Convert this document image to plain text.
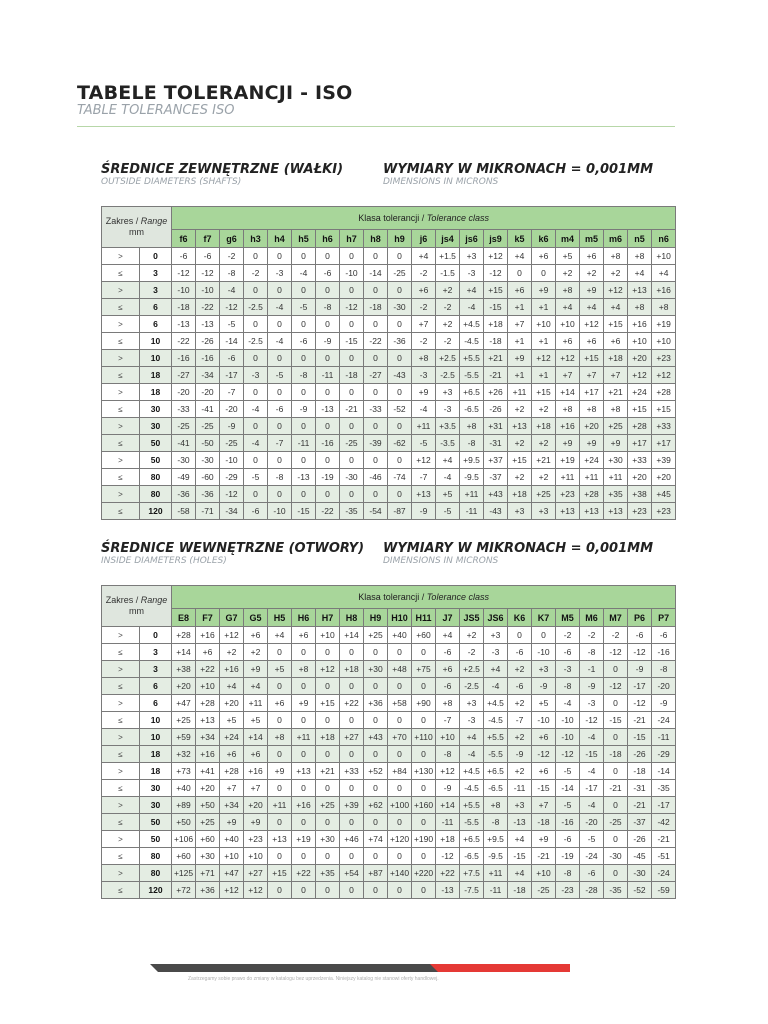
TABELE TOLERANCJI - ISO
TABLE TOLERANCES ISO
ŚREDNICE ZEWNĘTRZNE (WAŁKI)
OUTSIDE DIAMETERS (SHAFTS)
WYMIARY W MIKRONACH = 0,001MM
DIMENSIONS IN MICRONS
Zakres / Range
mm		Klasa tolerancji / Tolerance class																				
		f6	f7	g6	h3	h4	h5	h6	h7	h8	h9	j6	js4	js6	js9	k5	k6	m4	m5	m6	n5	n6
>	0	-6	-6	-2	0	0	0	0	0	0	0	+4	+1.5	+3	+12	+4	+6	+5	+6	+8	+8	+10
≤	3	-12	-12	-8	-2	-3	-4	-6	-10	-14	-25	-2	-1.5	-3	-12	0	0	+2	+2	+2	+4	+4
>	3	-10	-10	-4	0	0	0	0	0	0	0	+6	+2	+4	+15	+6	+9	+8	+9	+12	+13	+16
≤	6	-18	-22	-12	-2.5	-4	-5	-8	-12	-18	-30	-2	-2	-4	-15	+1	+1	+4	+4	+4	+8	+8
>	6	-13	-13	-5	0	0	0	0	0	0	0	+7	+2	+4.5	+18	+7	+10	+10	+12	+15	+16	+19
≤	10	-22	-26	-14	-2.5	-4	-6	-9	-15	-22	-36	-2	-2	-4.5	-18	+1	+1	+6	+6	+6	+10	+10
>	10	-16	-16	-6	0	0	0	0	0	0	0	+8	+2.5	+5.5	+21	+9	+12	+12	+15	+18	+20	+23
≤	18	-27	-34	-17	-3	-5	-8	-11	-18	-27	-43	-3	-2.5	-5.5	-21	+1	+1	+7	+7	+7	+12	+12
>	18	-20	-20	-7	0	0	0	0	0	0	0	+9	+3	+6.5	+26	+11	+15	+14	+17	+21	+24	+28
≤	30	-33	-41	-20	-4	-6	-9	-13	-21	-33	-52	-4	-3	-6.5	-26	+2	+2	+8	+8	+8	+15	+15
>	30	-25	-25	-9	0	0	0	0	0	0	0	+11	+3.5	+8	+31	+13	+18	+16	+20	+25	+28	+33
≤	50	-41	-50	-25	-4	-7	-11	-16	-25	-39	-62	-5	-3.5	-8	-31	+2	+2	+9	+9	+9	+17	+17
>	50	-30	-30	-10	0	0	0	0	0	0	0	+12	+4	+9.5	+37	+15	+21	+19	+24	+30	+33	+39
≤	80	-49	-60	-29	-5	-8	-13	-19	-30	-46	-74	-7	-4	-9.5	-37	+2	+2	+11	+11	+11	+20	+20
>	80	-36	-36	-12	0	0	0	0	0	0	0	+13	+5	+11	+43	+18	+25	+23	+28	+35	+38	+45
≤	120	-58	-71	-34	-6	-10	-15	-22	-35	-54	-87	-9	-5	-11	-43	+3	+3	+13	+13	+13	+23	+23
ŚREDNICE WEWNĘTRZNE (OTWORY)
INSIDE DIAMETERS (HOLES)
WYMIARY W MIKRONACH = 0,001MM
DIMENSIONS IN MICRONS
Zakres / Range
mm		Klasa tolerancji / Tolerance class																				
		E8	F7	G7	G5	H5	H6	H7	H8	H9	H10	H11	J7	JS5	JS6	K6	K7	M5	M6	M7	P6	P7
>	0	+28	+16	+12	+6	+4	+6	+10	+14	+25	+40	+60	+4	+2	+3	0	0	-2	-2	-2	-6	-6
≤	3	+14	+6	+2	+2	0	0	0	0	0	0	0	-6	-2	-3	-6	-10	-6	-8	-12	-12	-16
>	3	+38	+22	+16	+9	+5	+8	+12	+18	+30	+48	+75	+6	+2.5	+4	+2	+3	-3	-1	0	-9	-8
≤	6	+20	+10	+4	+4	0	0	0	0	0	0	0	-6	-2.5	-4	-6	-9	-8	-9	-12	-17	-20
>	6	+47	+28	+20	+11	+6	+9	+15	+22	+36	+58	+90	+8	+3	+4.5	+2	+5	-4	-3	0	-12	-9
≤	10	+25	+13	+5	+5	0	0	0	0	0	0	0	-7	-3	-4.5	-7	-10	-10	-12	-15	-21	-24
>	10	+59	+34	+24	+14	+8	+11	+18	+27	+43	+70	+110	+10	+4	+5.5	+2	+6	-10	-4	0	-15	-11
≤	18	+32	+16	+6	+6	0	0	0	0	0	0	0	-8	-4	-5.5	-9	-12	-12	-15	-18	-26	-29
>	18	+73	+41	+28	+16	+9	+13	+21	+33	+52	+84	+130	+12	+4.5	+6.5	+2	+6	-5	-4	0	-18	-14
≤	30	+40	+20	+7	+7	0	0	0	0	0	0	0	-9	-4.5	-6.5	-11	-15	-14	-17	-21	-31	-35
>	30	+89	+50	+34	+20	+11	+16	+25	+39	+62	+100	+160	+14	+5.5	+8	+3	+7	-5	-4	0	-21	-17
≤	50	+50	+25	+9	+9	0	0	0	0	0	0	0	-11	-5.5	-8	-13	-18	-16	-20	-25	-37	-42
>	50	+106	+60	+40	+23	+13	+19	+30	+46	+74	+120	+190	+18	+6.5	+9.5	+4	+9	-6	-5	0	-26	-21
≤	80	+60	+30	+10	+10	0	0	0	0	0	0	0	-12	-6.5	-9.5	-15	-21	-19	-24	-30	-45	-51
>	80	+125	+71	+47	+27	+15	+22	+35	+54	+87	+140	+220	+22	+7.5	+11	+4	+10	-8	-6	0	-30	-24
≤	120	+72	+36	+12	+12	0	0	0	0	0	0	0	-13	-7.5	-11	-18	-25	-23	-28	-35	-52	-59
Zastrzegamy sobie prawo do zmiany w katalogu bez uprzedzenia. Niniejszy katalog nie stanowi oferty handlowej.
